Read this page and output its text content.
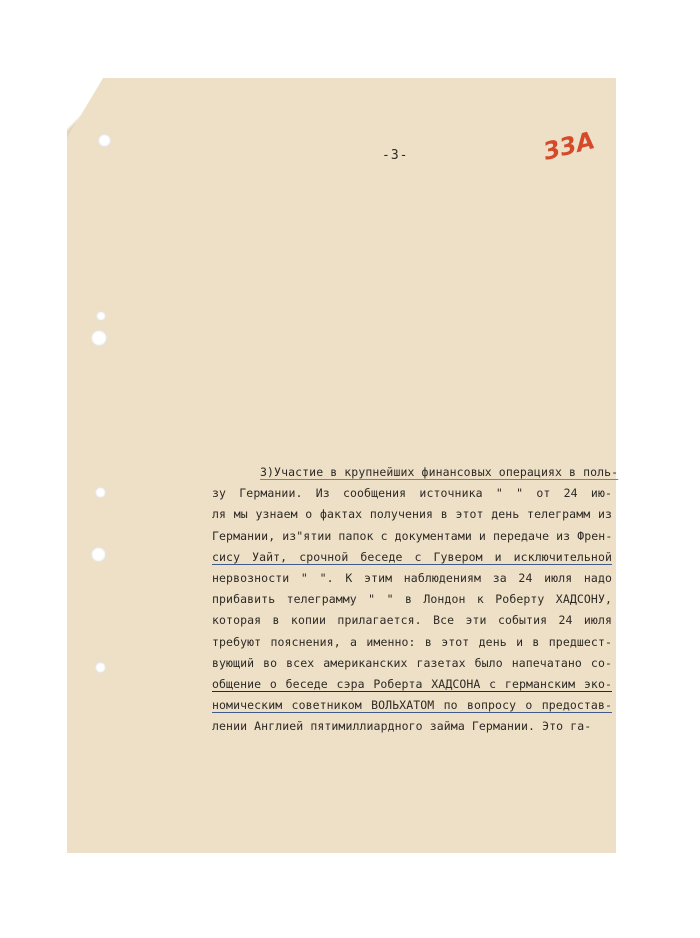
-3-	33А
3)Участие в крупнейших финансовых операциях в поль-
зу Германии. Из сообщения источника " " от 24 ию-
ля мы узнаем о фактах получения в этот день телеграмм из
Германии, из"ятии папок с документами и передаче из Френ-
сису Уайт, срочной беседе с Гувером и исключительной
нервозности " ". К этим наблюдениям за 24 июля надо
прибавить телеграмму " " в Лондон к Роберту ХАДСОНУ,
которая в копии прилагается. Все эти события 24 июля
требуют пояснения, а именно: в этот день и в предшест-
вующий во всех американских газетах было напечатано со-
общение о беседе сэра Роберта ХАДСОНА с германским эко-
номическим советником ВОЛЬХАТОМ по вопросу о предостав-
лении Англией пятимиллиардного займа Германии. Это га-
